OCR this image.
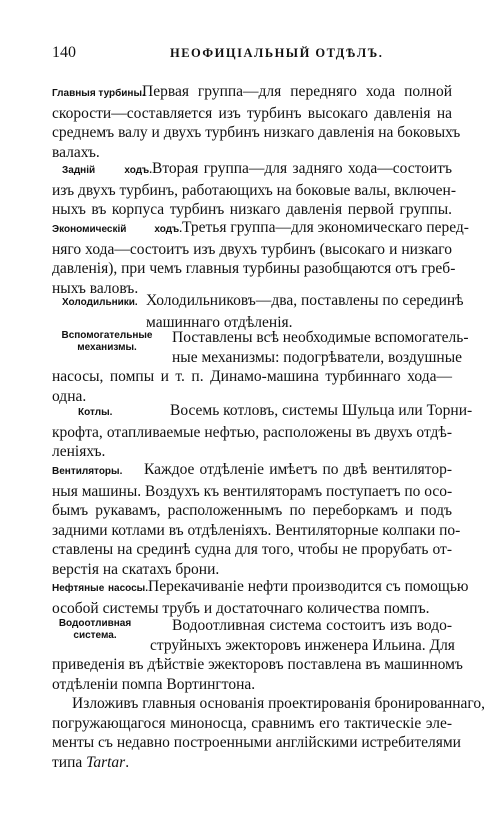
140	НЕОФИЦІАЛЬНЫЙ ОТДѢЛЪ.
Главныя турбины.Первая группа—для передняго хода полной
скорости—составляется изъ турбинъ высокаго давленія на
среднемъ валу и двухъ турбинъ низкаго давленія на боковыхъ
валахъ.
Задній ходъ.Вторая группа—для задняго хода—состоитъ
изъ двухъ турбинъ, работающихъ на боковые валы, включен-
ныхъ въ корпуса турбинъ низкаго давленія первой группы.
Экономическій ходъ.Третья группа—для экономическаго перед-
няго хода—состоитъ изъ двухъ турбинъ (высокаго и низкаго
давленія), при чемъ главныя турбины разобщаются отъ греб-
ныхъ валовъ.
Холодильники. Холодильниковъ—два, поставлены по серединѣ
машиннаго отдѣленія.
Вспомогательные
механизмы.
Поставлены всѣ необходимые вспомогатель-
ные механизмы: подогрѣватели, воздушные
насосы, помпы и т. п. Динамо-машина турбиннаго хода—
одна.
Котлы.	Восемь котловъ, системы Шульца или Торни-
крофта, отапливаемые нефтью, расположены въ двухъ отдѣ-
леніяхъ.
Вентиляторы. Каждое отдѣленіе имѣетъ по двѣ вентилятор-
ныя машины. Воздухъ къ вентиляторамъ поступаетъ по осо-
бымъ рукавамъ, расположеннымъ по переборкамъ и подъ
задними котлами въ отдѣленіяхъ. Вентиляторные колпаки по-
ставлены на срединѣ судна для того, чтобы не прорубать от-
верстія на скатахъ брони.
Нефтяные насосы.Перекачиваніе нефти производится съ помощью
особой системы трубъ и достаточнаго количества помпъ.
Водоотливная
система.
Водоотливная система состоитъ изъ водо-
струйныхъ эжекторовъ инженера Ильина. Для
приведенія въ дѣйствіе эжекторовъ поставлена въ машинномъ
отдѣленіи помпа Вортингтона.
Изложивъ главныя основанія проектированія бронированнаго,
погружающагося миноносца, сравнимъ его тактическіе эле-
менты съ недавно построенными англійскими истребителями
типа Tartar.
